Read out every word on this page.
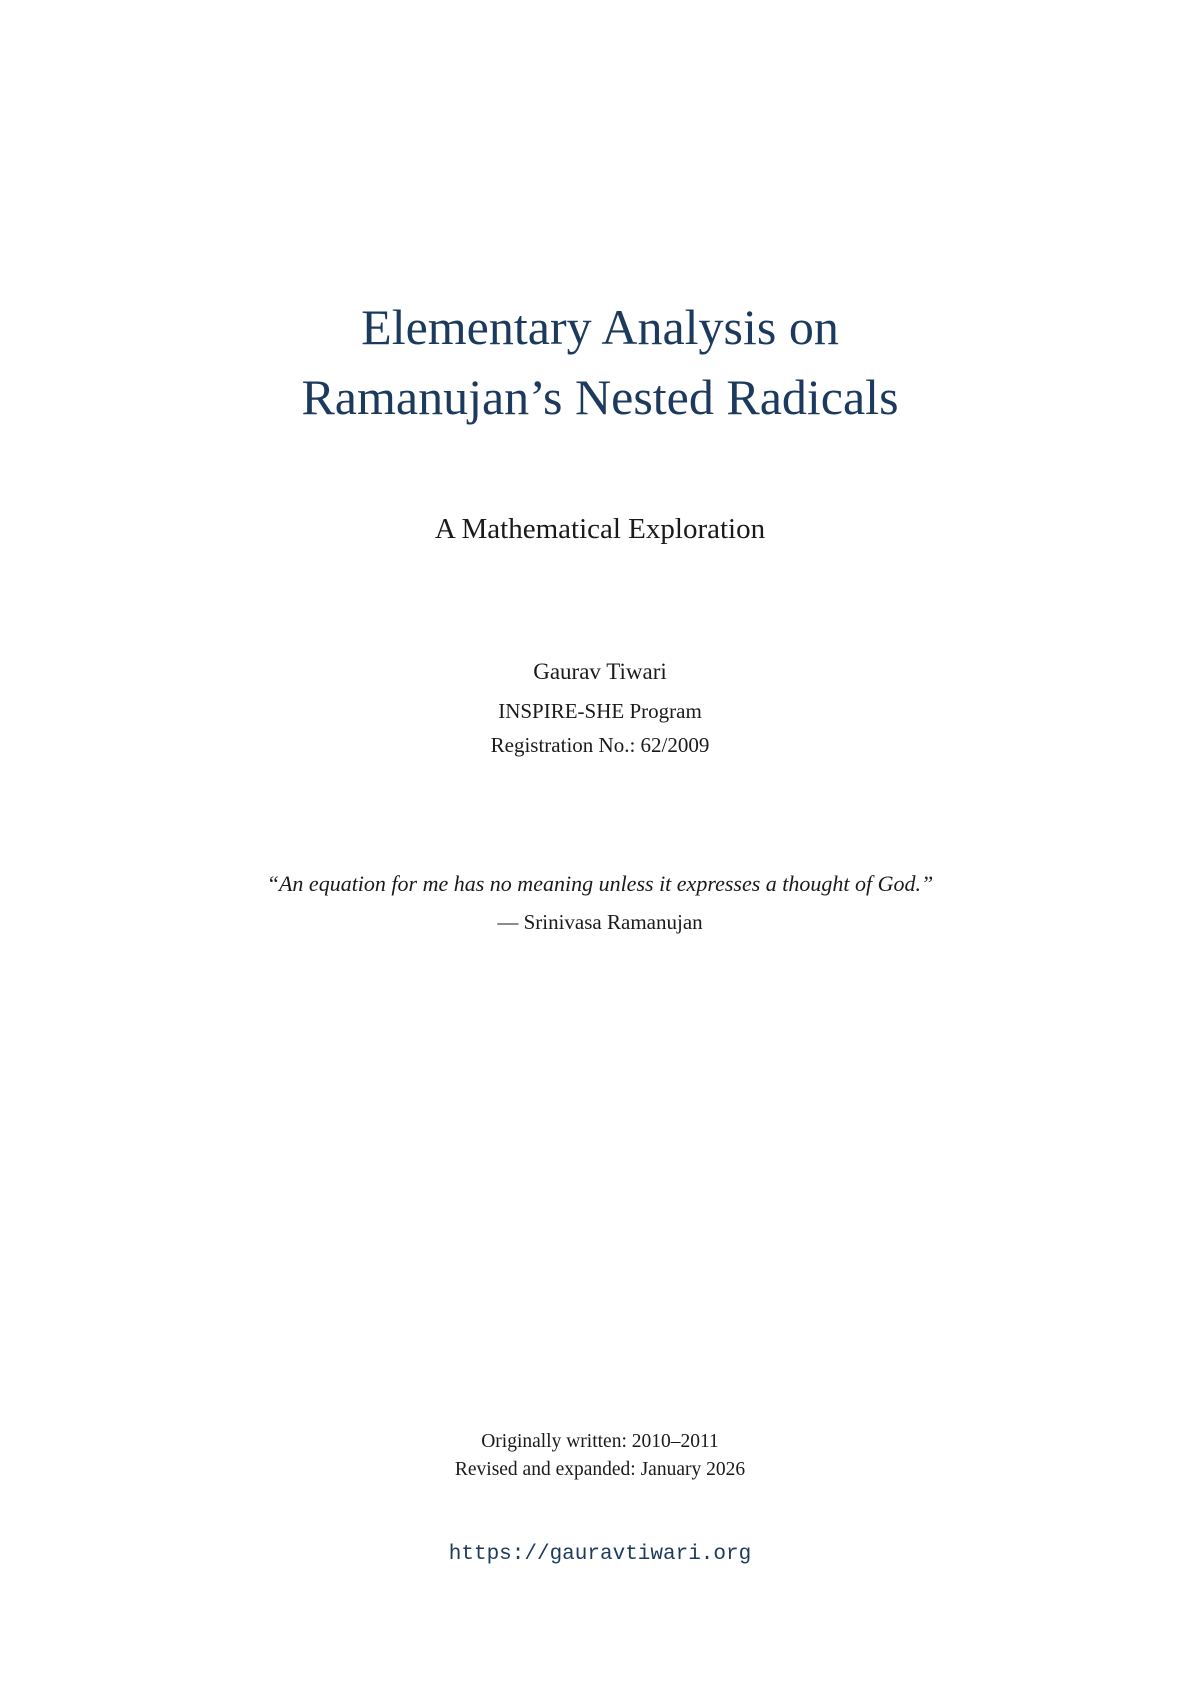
Elementary Analysis on
Ramanujan’s Nested Radicals
A Mathematical Exploration
Gaurav Tiwari
INSPIRE-SHE Program
Registration No.: 62/2009
“An equation for me has no meaning unless it expresses a thought of God.”
— Srinivasa Ramanujan
Originally written: 2010–2011
Revised and expanded: January 2026
https://gauravtiwari.org
